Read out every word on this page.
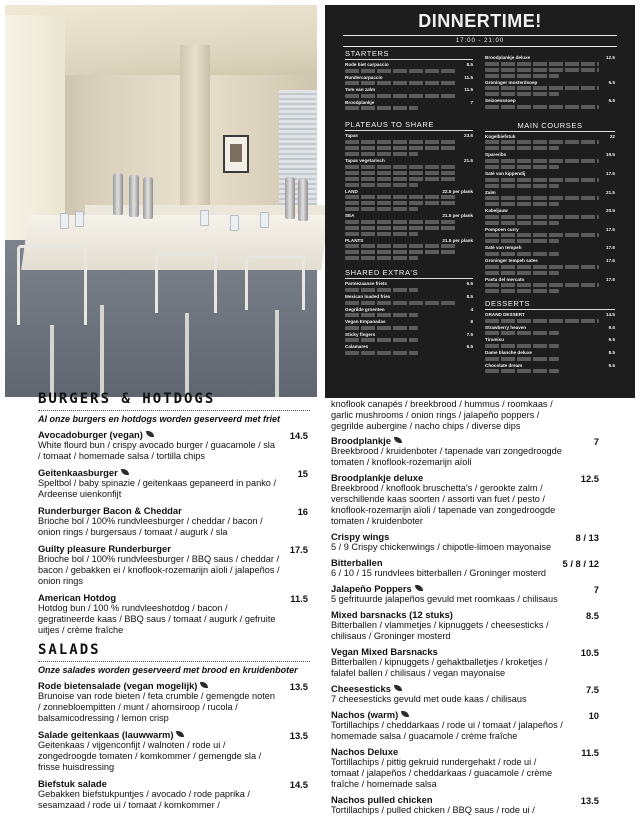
DINNERTIME!
17:00 - 21:00
STARTERS
Rode biet carpaccio	8.5
Rundercarpaccio	11.5
Tom van zalm	11.5
Broodplankje	7
PLATEAUS TO SHARE
Tapas	23.5
Tapas vegetarisch	21.5
LAND	22.5 per plank
SEA	21.5 per plank
PLANTS	21.5 per plank
SHARED EXTRA'S
Parmezaanse friets	6.5
Mexican loaded fries	8.5
Gegrilde groenten	4
Vegan Empanadas	8
Sticky fingers	7.5
Calamares	6.5
Broodplankje deluxe	12.5
Groninger mosterdsoep	5.5
Seizoenssoep	5.5
MAIN COURSES
Kogelbiefstuk	22
Spareribs	19.5
Saté van kippendij	17.5
Zalm	21.5
Kabeljauw	20.5
Pompoen curry	17.5
Saté van tempeh	17.5
Groninger tempeh sates	17.5
Pasta del mercato	17.5
DESSERTS
GRAND DESSERT	14.5
Strawberry heaven	9.5
Tiramisu	9.5
Dame blanche deluxe	8.5
Chocolate dream	9.5
BURGERS & HOTDOGS
Al onze burgers en hotdogs worden geserveerd met friet
Avocadoburger (vegan)	14.5
White flourd bun / crispy avocado burger / guacamole / sla / tomaat / homemade salsa / tortilla chips
Geitenkaasburger	15
Speltbol / baby spinazie / geitenkaas gepaneerd in panko / Ardeense uienkonfijt
Runderburger Bacon & Cheddar	16
Brioche bol / 100% rundvleesburger / cheddar / bacon / onion rings / burgersaus / tomaat / augurk / sla
Guilty pleasure Runderburger	17.5
Brioche bol / 100% rundvleesburger / BBQ saus / cheddar / bacon / gebakken ei / knoflook-rozemarijn aïoli / jalapeños / onion rings
American Hotdog	11.5
Hotdog bun / 100 % rundvleeshotdog / bacon / gegratineerde kaas / BBQ saus / tomaat / augurk / gefruite uitjes / crème fraîche
SALADS
Onze salades worden geserveerd met brood en kruidenboter
Rode bietensalade (vegan mogelijk)	13.5
Brunoise van rode bieten / feta crumble / gemengde noten / zonnebloempitten / munt / ahornsiroop / rucola / balsamicodressing / lemon crisp
Salade geitenkaas (lauwwarm)	13.5
Geitenkaas / vijgenconfijt / walnoten / rode ui / zongedroogde tomaten / komkommer / gemengde sla / frisse huisdressing
Biefstuk salade	14.5
Gebakken biefstukpuntjes / avocado / rode paprika / sesamzaad / rode ui / tomaat / komkommer /
knoflook canapés / breekbrood / hummus / roomkaas / garlic mushrooms / onion rings / jalapeño poppers / gegrilde aubergine / nacho chips / diverse dips
Broodplankje	7
Breekbrood / kruidenboter / tapenade van zongedroogde tomaten / knoflook-rozemarijn aïoli
Broodplankje deluxe	12.5
Breekbrood / knoflook bruschetta's / gerookte zalm / verschillende kaas soorten / assorti van fuet / pesto / knoflook-rozemarijn aïoli / tapenade van zongedroogde tomaten / kruidenboter
Crispy wings	8 / 13
5 / 9 Crispy chickenwings / chipotle-limoen mayonaise
Bitterballen	5 / 8 / 12
6 / 10 / 15 rundvlees bitterballen / Groninger mosterd
Jalapeño Poppers	7
5 gefrituurde jalapeños gevuld met roomkaas / chilisaus
Mixed barsnacks (12 stuks)	8.5
Bitterballen / vlammetjes / kipnuggets / cheesesticks / chilisaus / Groninger mosterd
Vegan Mixed Barsnacks	10.5
Bitterballen / kipnuggets / gehaktballetjes / kroketjes / falafel ballen / chilisaus / vegan mayonaise
Cheesesticks	7.5
7 cheesesticks gevuld met oude kaas / chilisaus
Nachos (warm)	10
Tortillachips / cheddarkaas / rode ui / tomaat / jalapeños / homemade salsa / guacamole / crème fraîche
Nachos Deluxe	11.5
Tortillachips / pittig gekruid rundergehakt / rode ui / tomaat / jalapeños / cheddarkaas / guacamole / crème fraîche / homemade salsa
Nachos pulled chicken	13.5
Tortillachips / pulled chicken / BBQ saus / rode ui /
